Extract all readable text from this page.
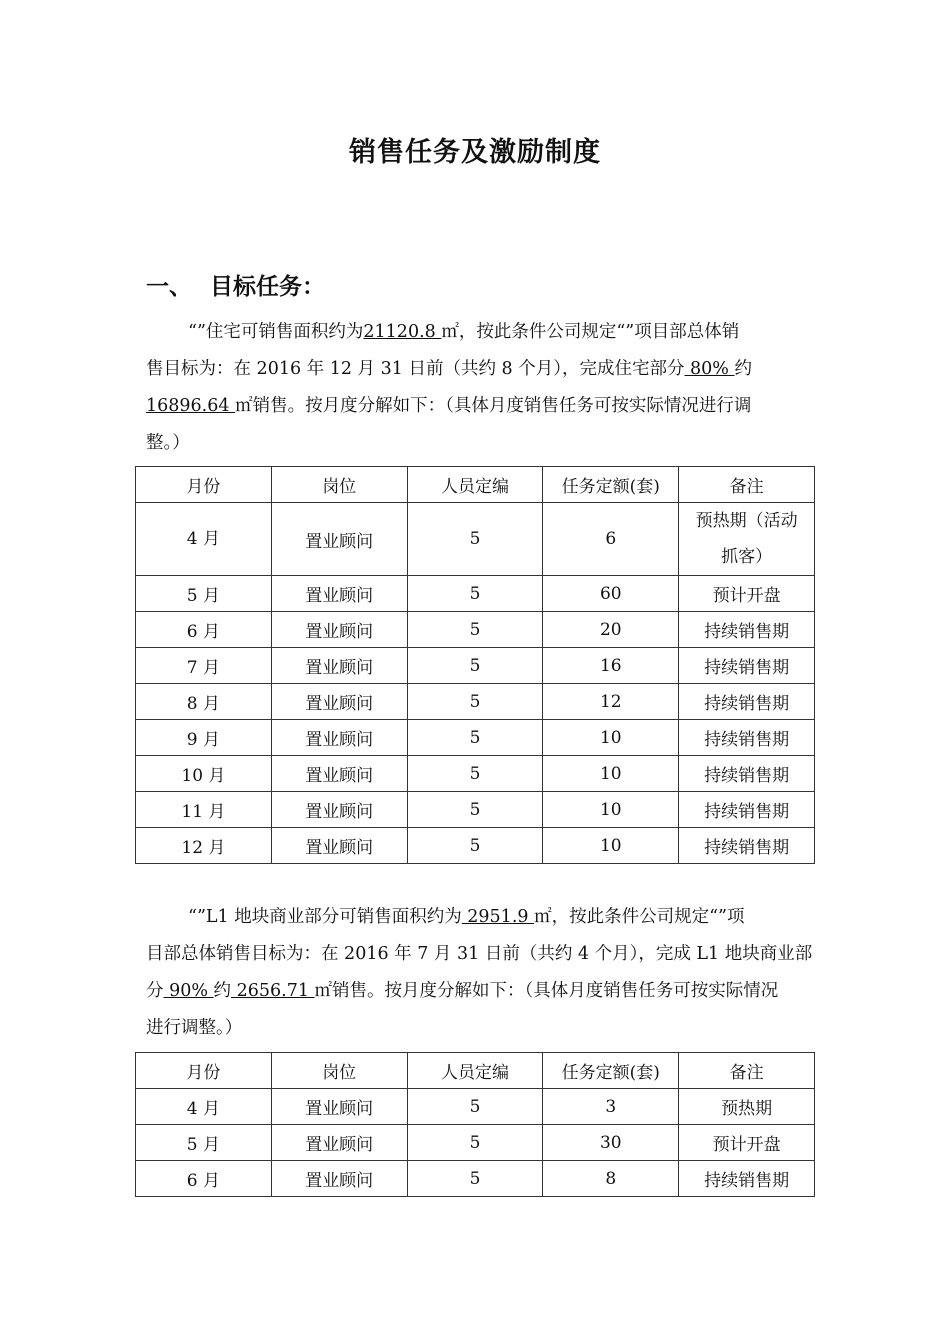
销售任务及激励制度
一、 目标任务：
“”住宅可销售面积约为21120.8 ㎡，按此条件公司规定“”项目部总体销
售目标为：在 2016 年 12 月 31 日前（共约 8 个月），完成住宅部分 80% 约
16896.64 ㎡销售。按月度分解如下：（具体月度销售任务可按实际情况进行调
整。）
月份	岗位	人员定编	任务定额(套)	备注
4 月	置业顾问	5	6	预热期（活动
抓客）

5 月	置业顾问	5	60	预计开盘
6 月	置业顾问	5	20	持续销售期
7 月	置业顾问	5	16	持续销售期
8 月	置业顾问	5	12	持续销售期
9 月	置业顾问	5	10	持续销售期
10 月	置业顾问	5	10	持续销售期
11 月	置业顾问	5	10	持续销售期
12 月	置业顾问	5	10	持续销售期
“”L1 地块商业部分可销售面积约为 2951.9 ㎡，按此条件公司规定“”项
目部总体销售目标为：在 2016 年 7 月 31 日前（共约 4 个月），完成 L1 地块商业部
分 90% 约 2656.71 ㎡销售。按月度分解如下：（具体月度销售任务可按实际情况
进行调整。）
月份	岗位	人员定编	任务定额(套)	备注
4 月	置业顾问	5	3	预热期
5 月	置业顾问	5	30	预计开盘
6 月	置业顾问	5	8	持续销售期
